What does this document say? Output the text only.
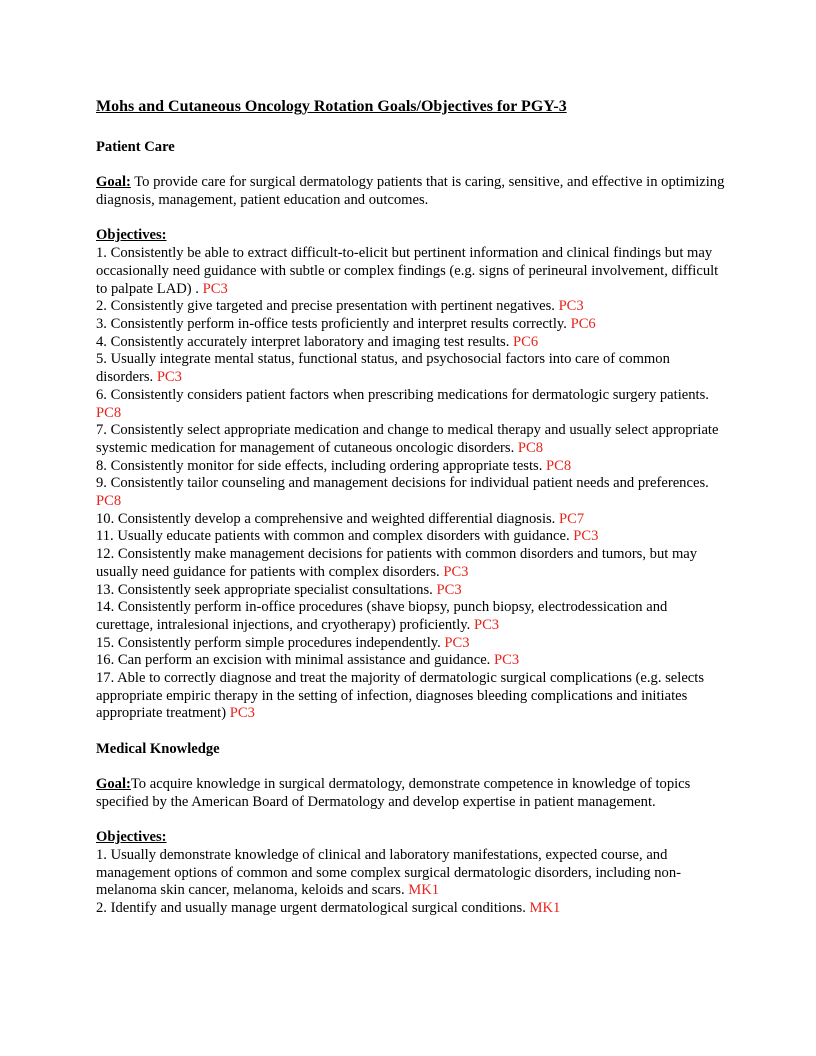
Mohs and Cutaneous Oncology Rotation Goals/Objectives for PGY-3

Patient Care

Goal: To provide care for surgical dermatology patients that is caring, sensitive, and effective in optimizing diagnosis, management, patient education and outcomes.

Objectives:

1. Consistently be able to extract difficult-to-elicit but pertinent information and clinical findings but may occasionally need guidance with subtle or complex findings (e.g. signs of perineural involvement, difficult to palpate LAD) . PC3

2. Consistently give targeted and precise presentation with pertinent negatives. PC3

3. Consistently perform in-office tests proficiently and interpret results correctly. PC6

4. Consistently accurately interpret laboratory and imaging test results. PC6

5. Usually integrate mental status, functional status, and psychosocial factors into care of common disorders. PC3

6. Consistently considers patient factors when prescribing medications for dermatologic surgery patients. PC8

7. Consistently select appropriate medication and change to medical therapy and usually select appropriate systemic medication for management of cutaneous oncologic disorders. PC8

8. Consistently monitor for side effects, including ordering appropriate tests. PC8

9. Consistently tailor counseling and management decisions for individual patient needs and preferences. PC8

10. Consistently develop a comprehensive and weighted differential diagnosis. PC7

11. Usually educate patients with common and complex disorders with guidance. PC3

12. Consistently make management decisions for patients with common disorders and tumors, but may usually need guidance for patients with complex disorders. PC3

13. Consistently seek appropriate specialist consultations. PC3

14. Consistently perform in-office procedures (shave biopsy, punch biopsy, electrodessication and curettage, intralesional injections, and cryotherapy) proficiently. PC3

15. Consistently perform simple procedures independently. PC3

16. Can perform an excision with minimal assistance and guidance. PC3

17. Able to correctly diagnose and treat the majority of dermatologic surgical complications (e.g. selects appropriate empiric therapy in the setting of infection, diagnoses bleeding complications and initiates appropriate treatment) PC3

Medical Knowledge

Goal:To acquire knowledge in surgical dermatology, demonstrate competence in knowledge of topics specified by the American Board of Dermatology and develop expertise in patient management.

Objectives:

1. Usually demonstrate knowledge of clinical and laboratory manifestations, expected course, and management options of common and some complex surgical dermatologic disorders, including non-melanoma skin cancer, melanoma, keloids and scars. MK1

2. Identify and usually manage urgent dermatological surgical conditions. MK1
